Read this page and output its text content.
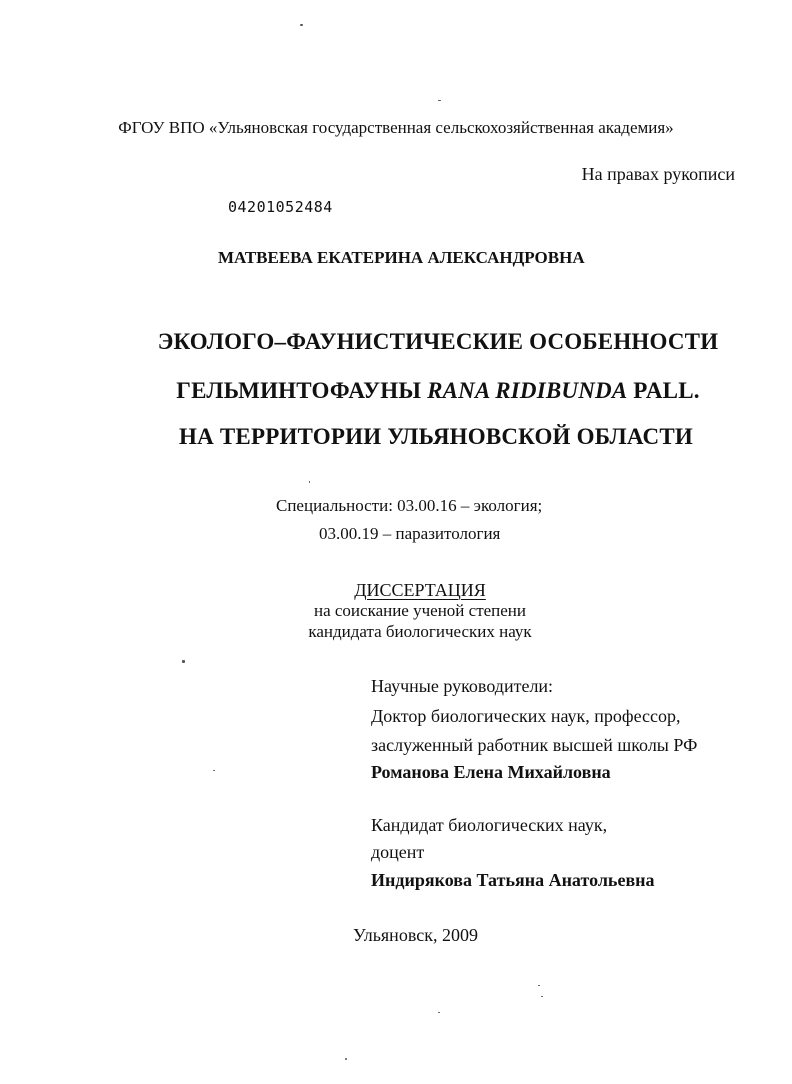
ФГОУ ВПО «Ульяновская государственная сельскохозяйственная академия»
На правах рукописи
04201052484
МАТВЕЕВА ЕКАТЕРИНА АЛЕКСАНДРОВНА
ЭКОЛОГО–ФАУНИСТИЧЕСКИЕ ОСОБЕННОСТИ
ГЕЛЬМИНТОФАУНЫ RANA RIDIBUNDA PALL.
НА ТЕРРИТОРИИ УЛЬЯНОВСКОЙ ОБЛАСТИ
Специальности: 03.00.16 – экология;
03.00.19 – паразитология
ДИССЕРТАЦИЯ
на соискание ученой степени
кандидата биологических наук
Научные руководители:
Доктор биологических наук, профессор,
заслуженный работник высшей школы РФ
Романова Елена Михайловна
Кандидат биологических наук,
доцент
Индирякова Татьяна Анатольевна
Ульяновск, 2009
